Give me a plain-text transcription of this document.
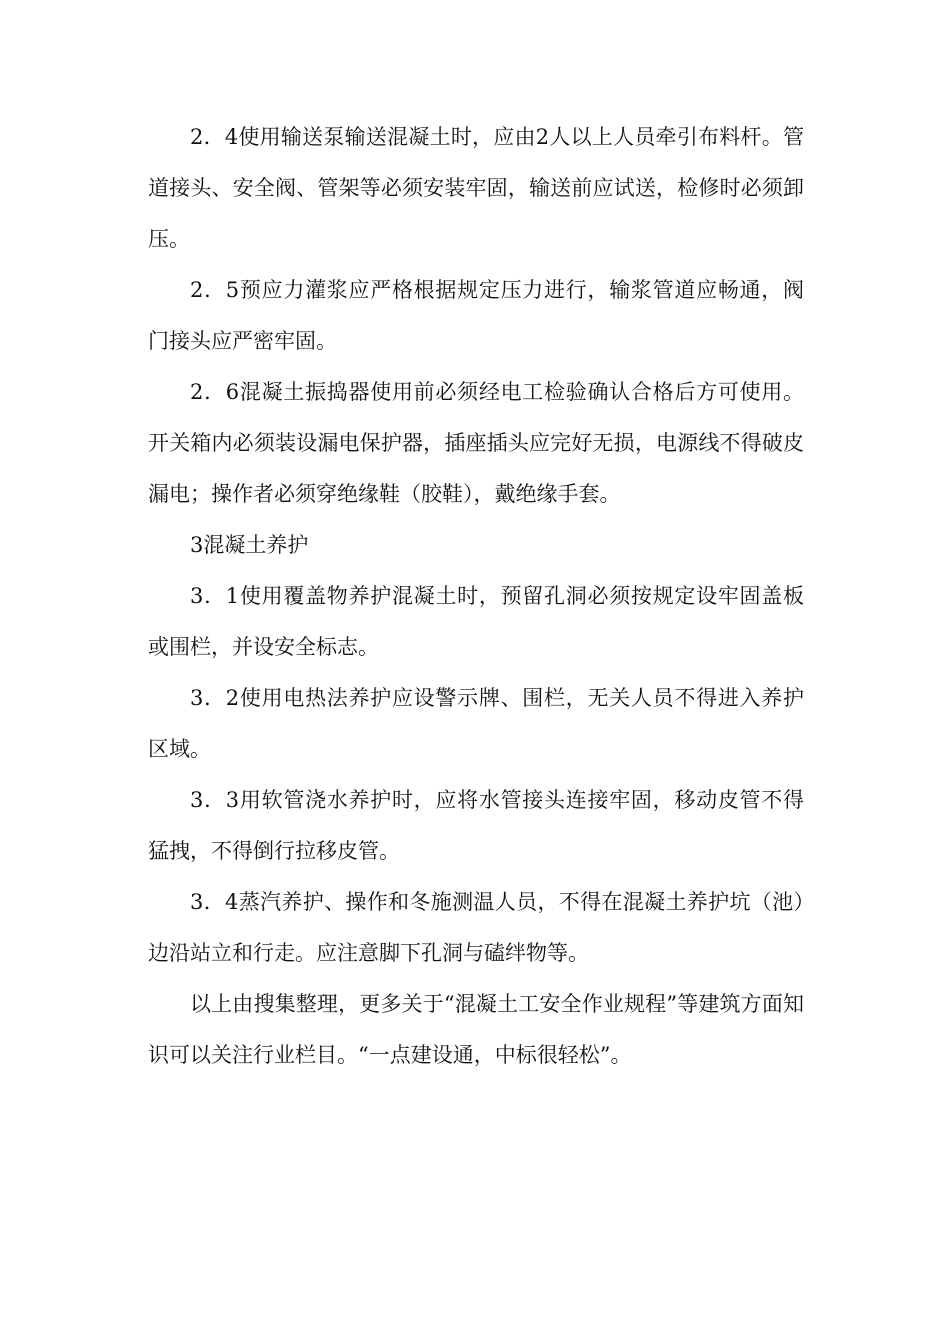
2．4使用输送泵输送混凝土时，应由2人以上人员牵引布料杆。管道接头、安全阀、管架等必须安装牢固，输送前应试送，检修时必须卸压。

2．5预应力灌浆应严格根据规定压力进行，输浆管道应畅通，阀门接头应严密牢固。

2．6混凝土振捣器使用前必须经电工检验确认合格后方可使用。开关箱内必须装设漏电保护器，插座插头应完好无损，电源线不得破皮漏电；操作者必须穿绝缘鞋（胶鞋），戴绝缘手套。

3混凝土养护

3．1使用覆盖物养护混凝土时，预留孔洞必须按规定设牢固盖板或围栏，并设安全标志。

3．2使用电热法养护应设警示牌、围栏，无关人员不得进入养护区域。

3．3用软管浇水养护时，应将水管接头连接牢固，移动皮管不得猛拽，不得倒行拉移皮管。

3．4蒸汽养护、操作和冬施测温人员，不得在混凝土养护坑（池）边沿站立和行走。应注意脚下孔洞与磕绊物等。

以上由搜集整理，更多关于“混凝土工安全作业规程”等建筑方面知识可以关注行业栏目。“一点建设通，中标很轻松”。
